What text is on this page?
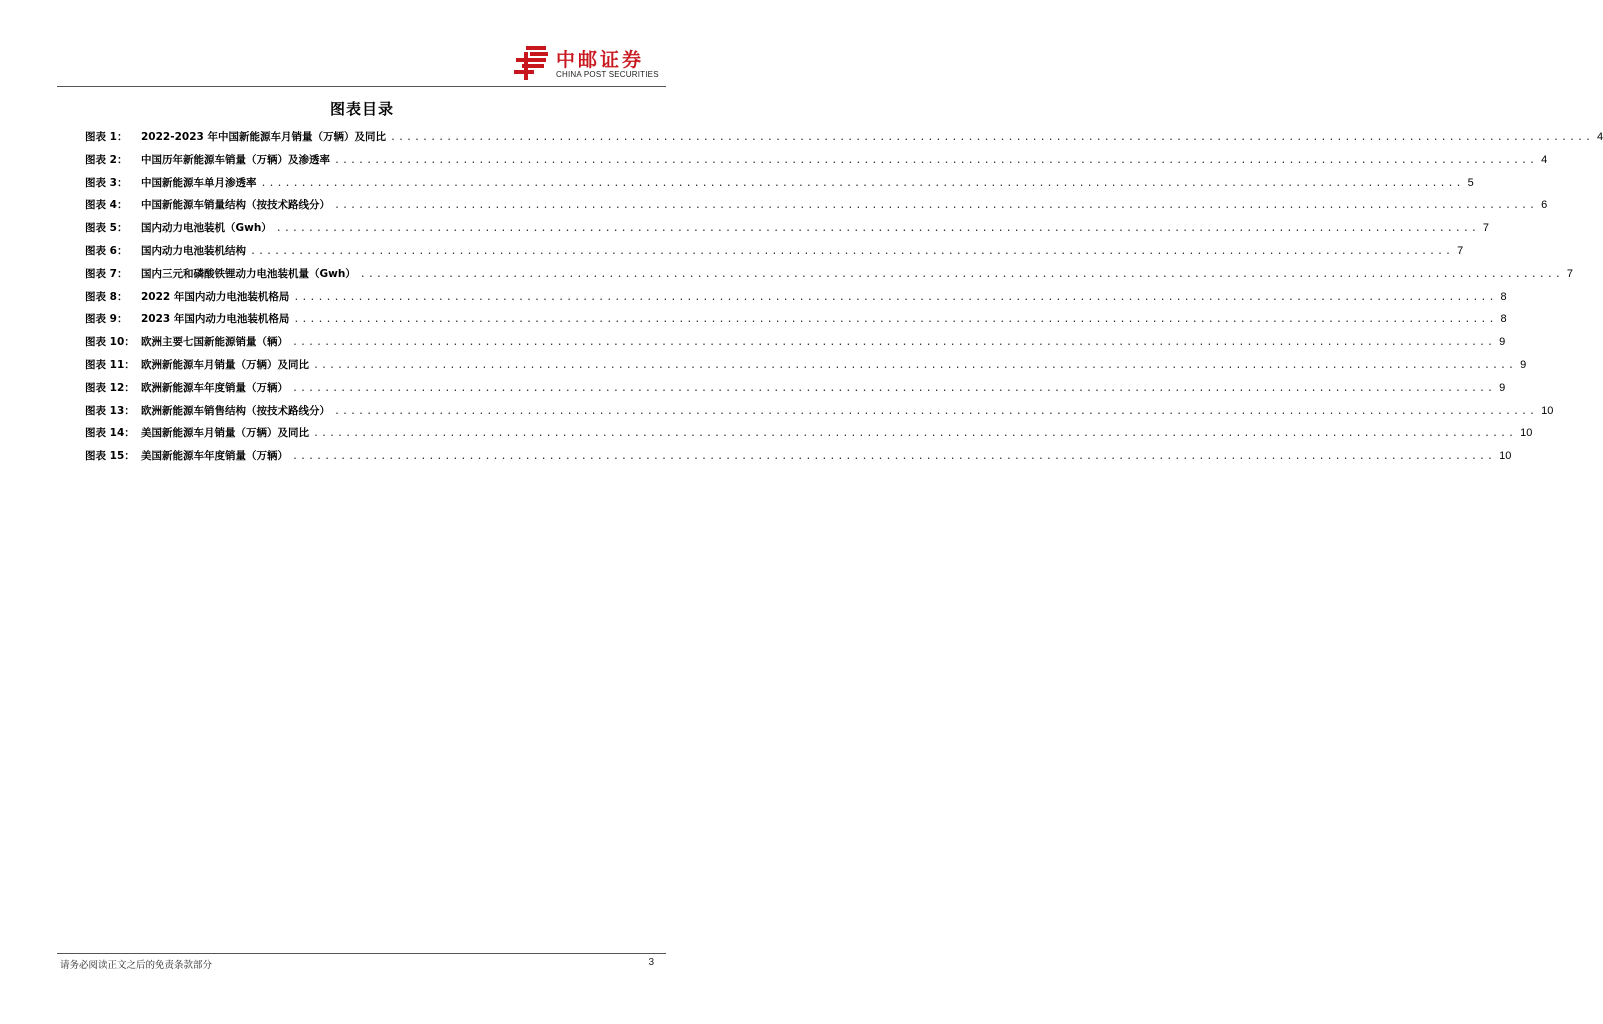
中邮证券
CHINA POST SECURITIES
图表目录
图表 1：	2022-2023 年中国新能源车月销量（万辆）及同比 .....	4
图表 2：	中国历年新能源车销量（万辆）及渗透率 .....	4
图表 3：	中国新能源车单月渗透率 .....	5
图表 4：	中国新能源车销量结构（按技术路线分） .....	6
图表 5：	国内动力电池装机（Gwh） .....	7
图表 6：	国内动力电池装机结构 .....	7
图表 7：	国内三元和磷酸铁锂动力电池装机量（Gwh） .....	7
图表 8：	2022 年国内动力电池装机格局 .....	8
图表 9：	2023 年国内动力电池装机格局 .....	8
图表 10： 欧洲主要七国新能源销量（辆） .....	9
图表 11： 欧洲新能源车月销量（万辆）及同比 .....	9
图表 12： 欧洲新能源车年度销量（万辆） .....	9
图表 13： 欧洲新能源车销售结构（按技术路线分） .....	10
图表 14： 美国新能源车月销量（万辆）及同比 .....	10
图表 15： 美国新能源车年度销量（万辆） .....	10
请务必阅读正文之后的免责条款部分	3
